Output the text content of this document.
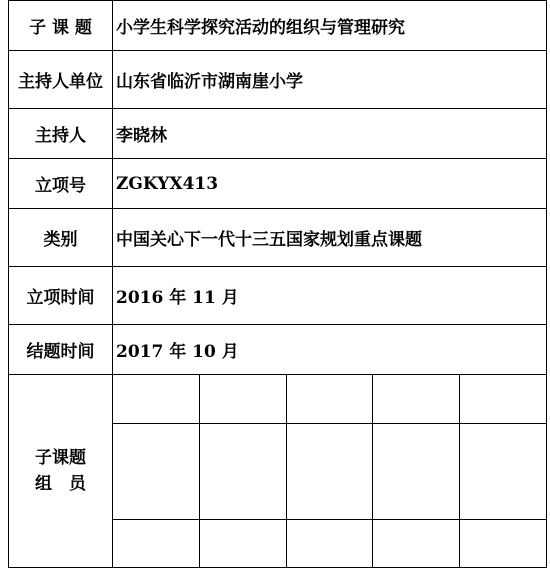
子 课 题	小学生科学探究活动的组织与管理研究
主持人单位	山东省临沂市湖南崖小学
主持人	李晓林
立项号	ZGKYX413
类别	中国关心下一代十三五国家规划重点课题
立项时间	2016 年 11 月
结题时间	2017 年 10 月

子课题
组　员
